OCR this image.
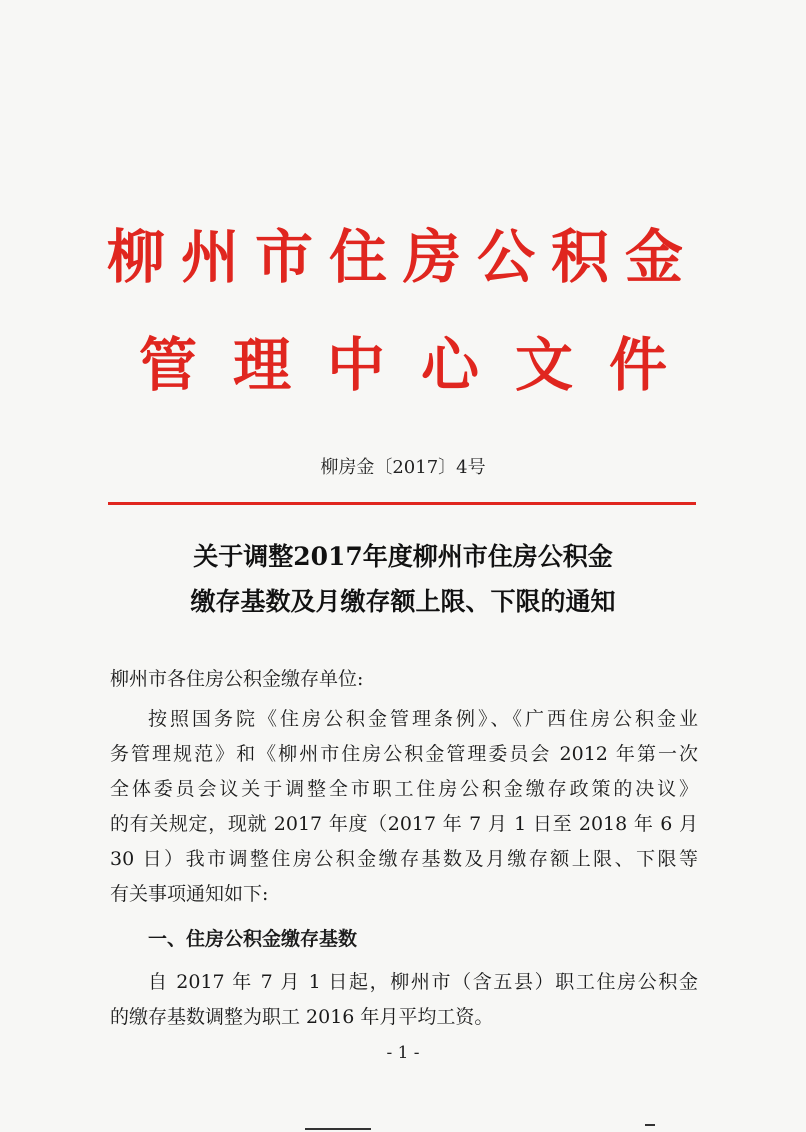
柳州市住房公积金
管理中心文件
柳房金〔2017〕4号
关于调整2017年度柳州市住房公积金
缴存基数及月缴存额上限、下限的通知
柳州市各住房公积金缴存单位:
按照国务院《住房公积金管理条例》、《广西住房公积金业
务管理规范》和《柳州市住房公积金管理委员会 2012 年第一次
全体委员会议关于调整全市职工住房公积金缴存政策的决议》
的有关规定，现就 2017 年度（2017 年 7 月 1 日至 2018 年 6 月
30 日）我市调整住房公积金缴存基数及月缴存额上限、下限等
有关事项通知如下:
一、住房公积金缴存基数
自 2017 年 7 月 1 日起，柳州市（含五县）职工住房公积金
的缴存基数调整为职工 2016 年月平均工资。
- 1 -
